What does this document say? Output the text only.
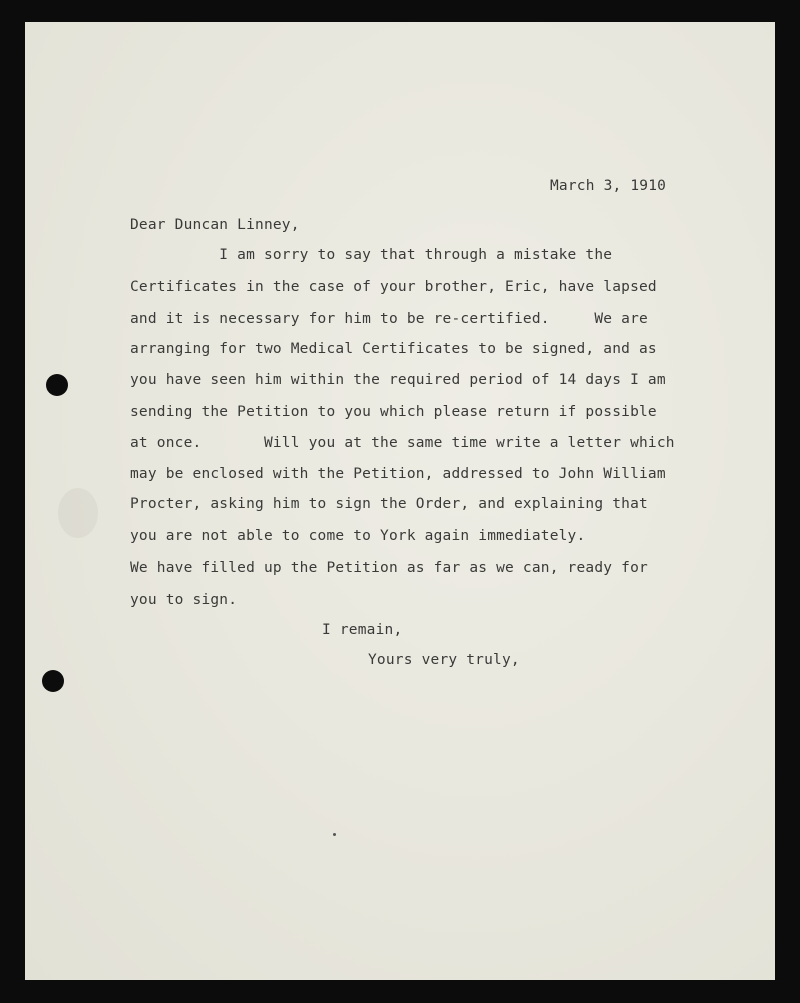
March 3, 1910
Dear Duncan Linney,
I am sorry to say that through a mistake the
Certificates in the case of your brother, Eric, have lapsed
and it is necessary for him to be re-certified.     We are
arranging for two Medical Certificates to be signed, and as
you have seen him within the required period of 14 days I am
sending the Petition to you which please return if possible
at once.       Will you at the same time write a letter which
may be enclosed with the Petition, addressed to John William
Procter, asking him to sign the Order, and explaining that
you are not able to come to York again immediately.
We have filled up the Petition as far as we can, ready for
you to sign.
I remain,
Yours very truly,
